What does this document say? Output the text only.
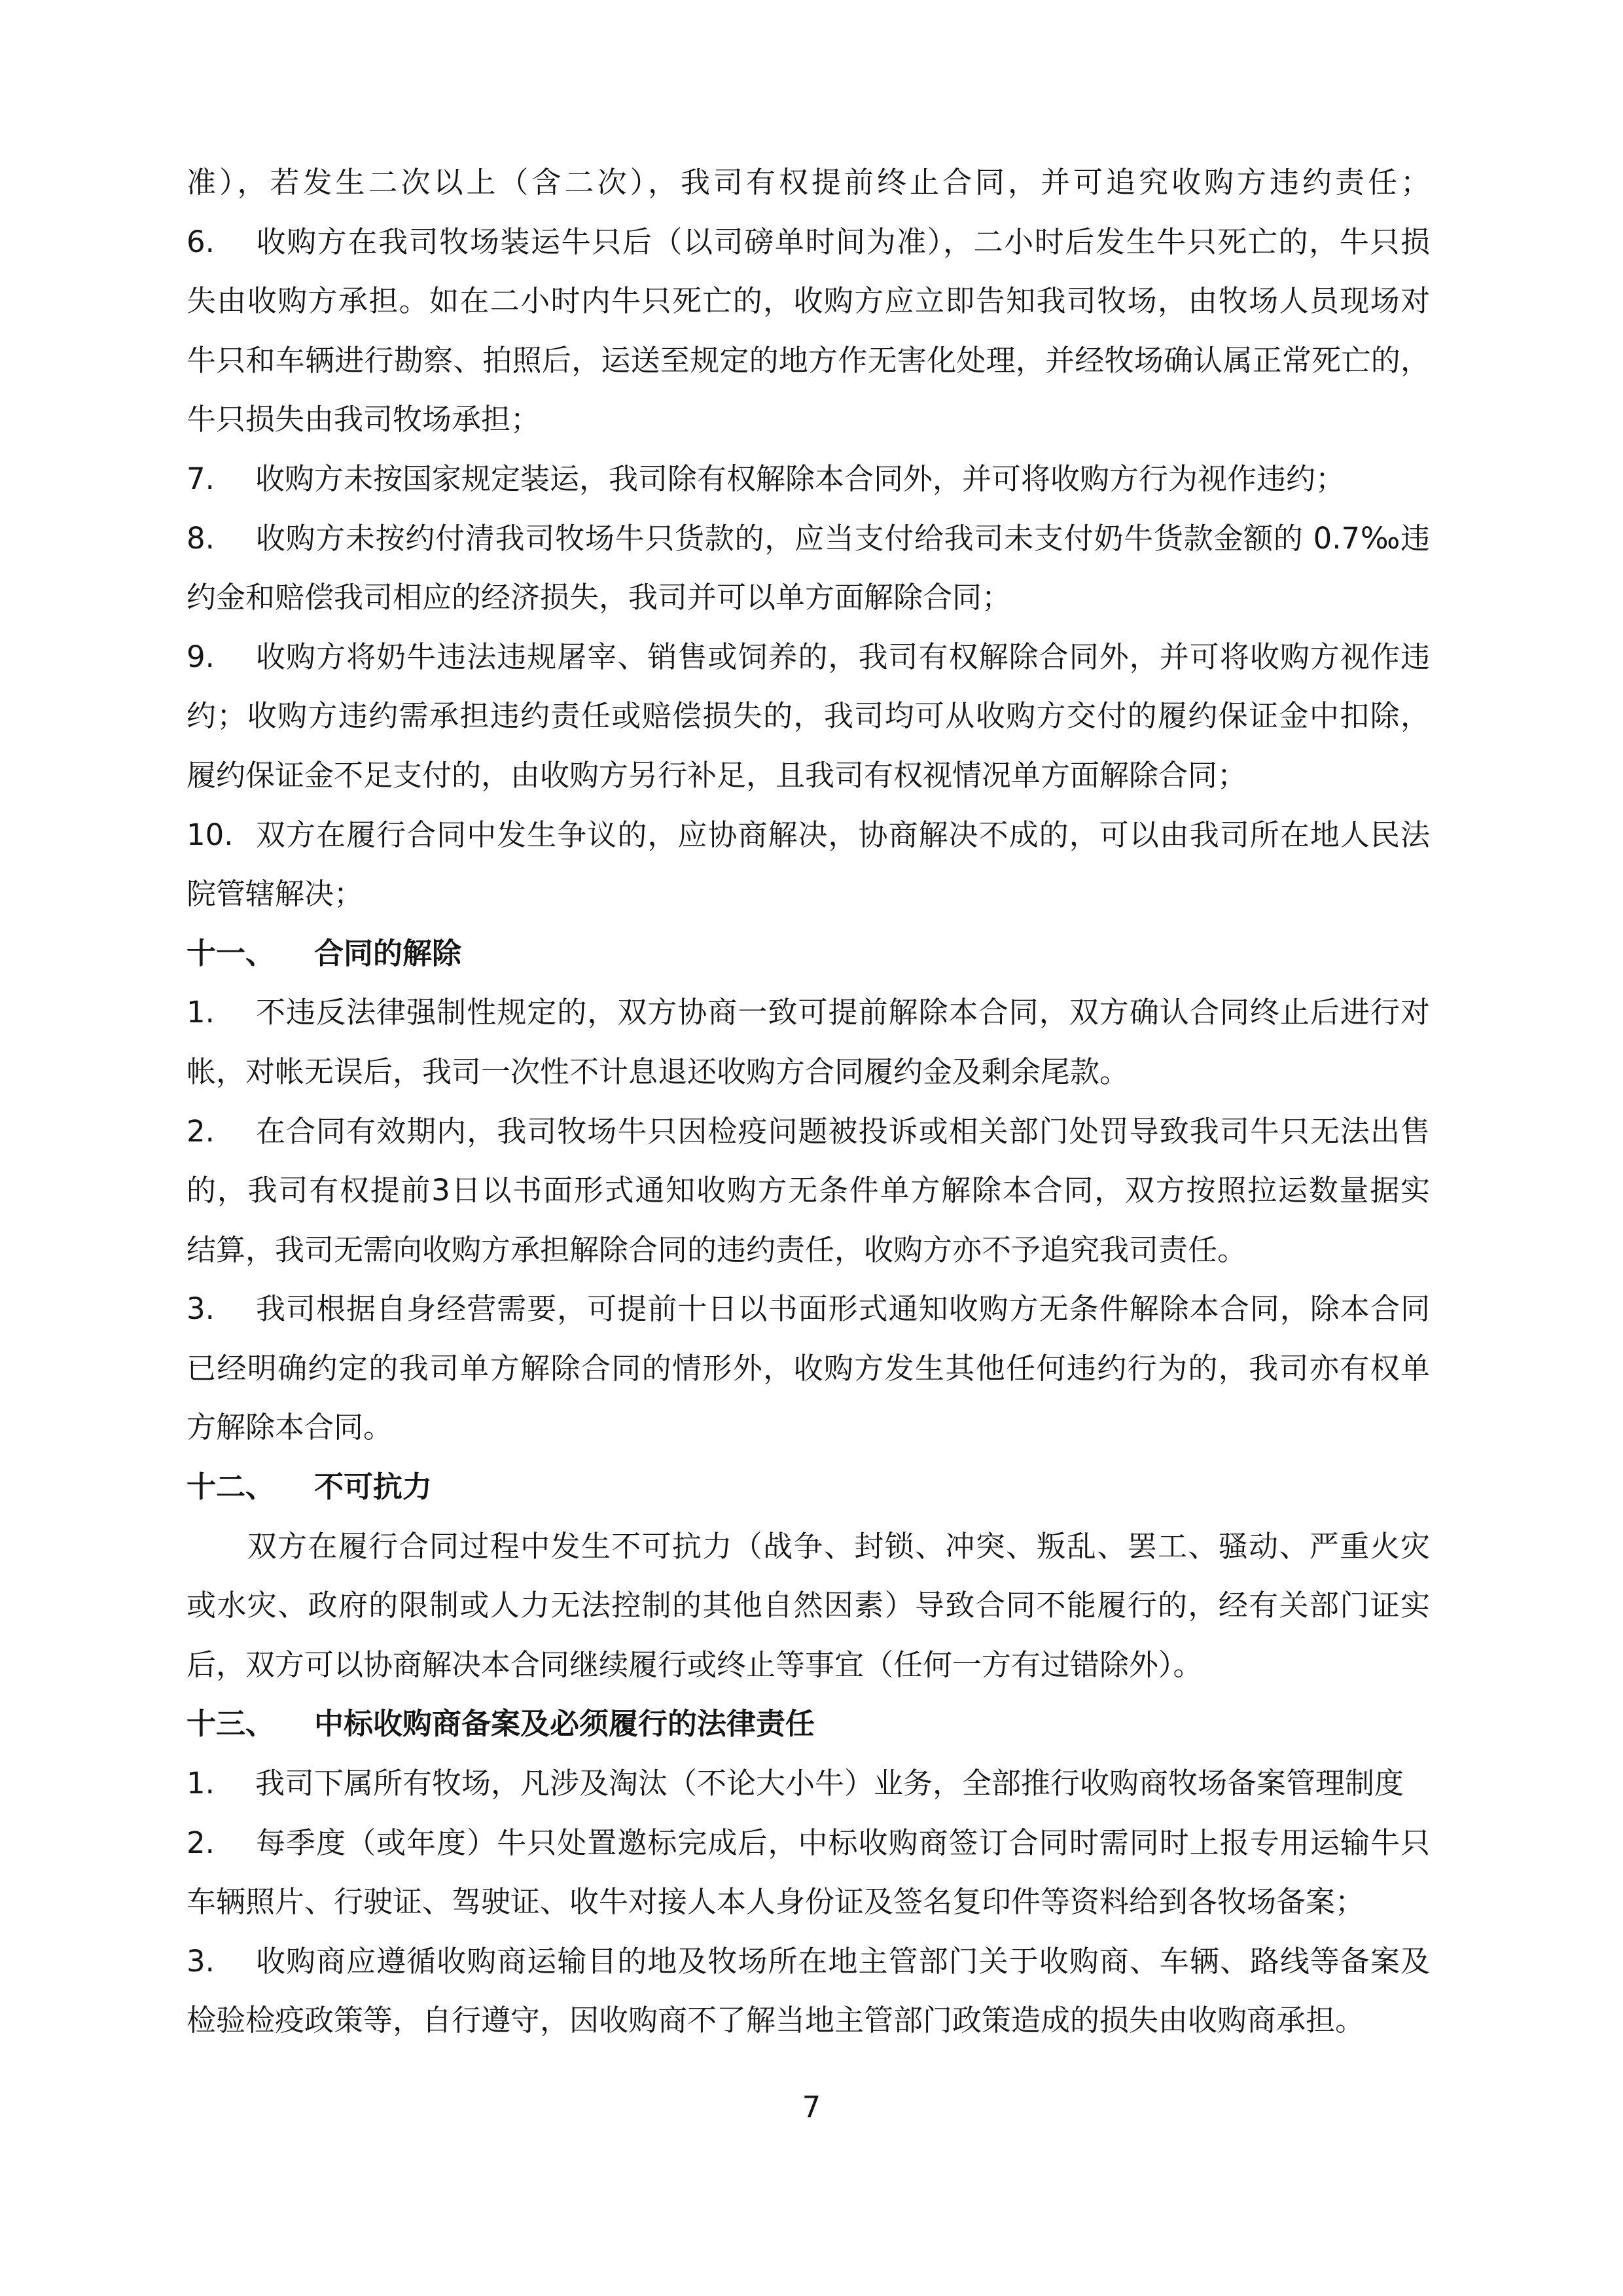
准），若发生二次以上（含二次），我司有权提前终止合同，并可追究收购方违约责任；
6. 收购方在我司牧场装运牛只后（以司磅单时间为准），二小时后发生牛只死亡的，牛只损
失由收购方承担。如在二小时内牛只死亡的，收购方应立即告知我司牧场，由牧场人员现场对
牛只和车辆进行勘察、拍照后，运送至规定的地方作无害化处理，并经牧场确认属正常死亡的，
牛只损失由我司牧场承担；
7. 收购方未按国家规定装运，我司除有权解除本合同外，并可将收购方行为视作违约；
8. 收购方未按约付清我司牧场牛只货款的，应当支付给我司未支付奶牛货款金额的 0.7‰违
约金和赔偿我司相应的经济损失，我司并可以单方面解除合同；
9. 收购方将奶牛违法违规屠宰、销售或饲养的，我司有权解除合同外，并可将收购方视作违
约；收购方违约需承担违约责任或赔偿损失的，我司均可从收购方交付的履约保证金中扣除，
履约保证金不足支付的，由收购方另行补足，且我司有权视情况单方面解除合同；
10. 双方在履行合同中发生争议的，应协商解决，协商解决不成的，可以由我司所在地人民法
院管辖解决；
十一、 合同的解除
1. 不违反法律强制性规定的，双方协商一致可提前解除本合同，双方确认合同终止后进行对
帐，对帐无误后，我司一次性不计息退还收购方合同履约金及剩余尾款。
2. 在合同有效期内，我司牧场牛只因检疫问题被投诉或相关部门处罚导致我司牛只无法出售
的，我司有权提前3日以书面形式通知收购方无条件单方解除本合同，双方按照拉运数量据实
结算，我司无需向收购方承担解除合同的违约责任，收购方亦不予追究我司责任。
3. 我司根据自身经营需要，可提前十日以书面形式通知收购方无条件解除本合同，除本合同
已经明确约定的我司单方解除合同的情形外，收购方发生其他任何违约行为的，我司亦有权单
方解除本合同。
十二、 不可抗力
　　双方在履行合同过程中发生不可抗力（战争、封锁、冲突、叛乱、罢工、骚动、严重火灾
或水灾、政府的限制或人力无法控制的其他自然因素）导致合同不能履行的，经有关部门证实
后，双方可以协商解决本合同继续履行或终止等事宜（任何一方有过错除外）。
十三、 中标收购商备案及必须履行的法律责任
1. 我司下属所有牧场，凡涉及淘汰（不论大小牛）业务，全部推行收购商牧场备案管理制度
2. 每季度（或年度）牛只处置邀标完成后，中标收购商签订合同时需同时上报专用运输牛只
车辆照片、行驶证、驾驶证、收牛对接人本人身份证及签名复印件等资料给到各牧场备案；
3. 收购商应遵循收购商运输目的地及牧场所在地主管部门关于收购商、车辆、路线等备案及
检验检疫政策等，自行遵守，因收购商不了解当地主管部门政策造成的损失由收购商承担。
7
